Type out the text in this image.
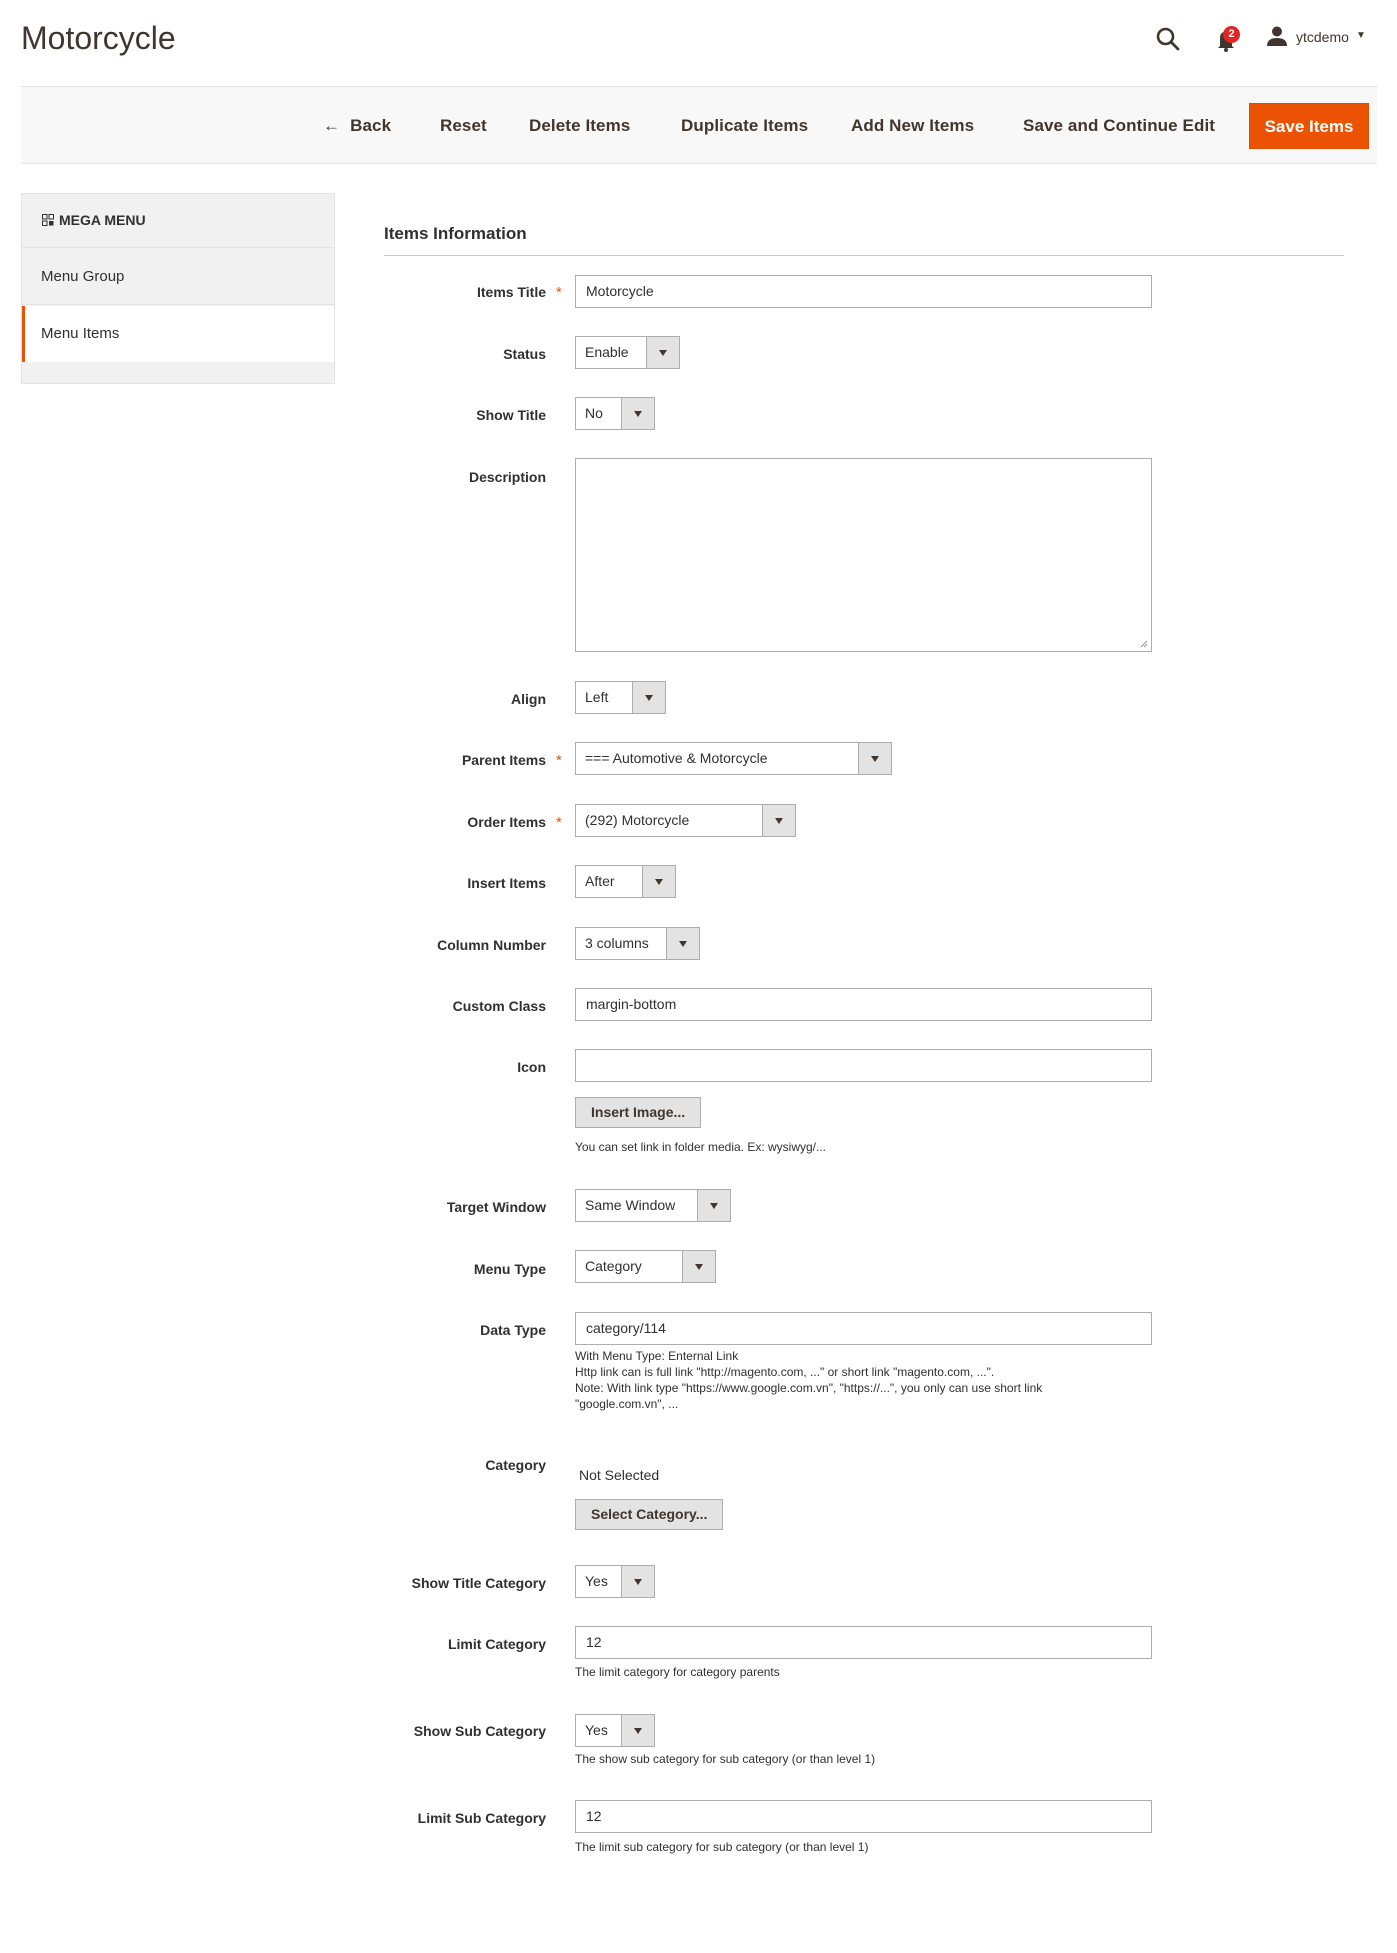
Motorcycle	2	ytcdemo ▼
← Back	Reset Delete Items	Duplicate Items	Add New Items	Save and Continue Edit	Save Items
MEGA MENU
Menu Group
Menu Items
Items Information
Items Title *	Motorcycle
Status	Enable
Show Title	No
Description
Align	Left
Parent Items * === Automotive & Motorcycle
Order Items * (292) Motorcycle
Insert Items	After
Column Number	3 columns
Custom Class	margin-bottom
Icon
Insert Image...
You can set link in folder media. Ex: wysiwyg/...
Target Window	Same Window
Menu Type	Category
Data Type	category/114
With Menu Type: Enternal Link
Http link can is full link "http://magento.com, ..." or short link "magento.com, ...".
Note: With link type "https://www.google.com.vn", "https://...", you only can use short link
"google.com.vn", ...
Category
Not Selected
Select Category...
Show Title Category	Yes
Limit Category	12
The limit category for category parents
Show Sub Category	Yes
The show sub category for sub category (or than level 1)
Limit Sub Category	12
The limit sub category for sub category (or than level 1)
